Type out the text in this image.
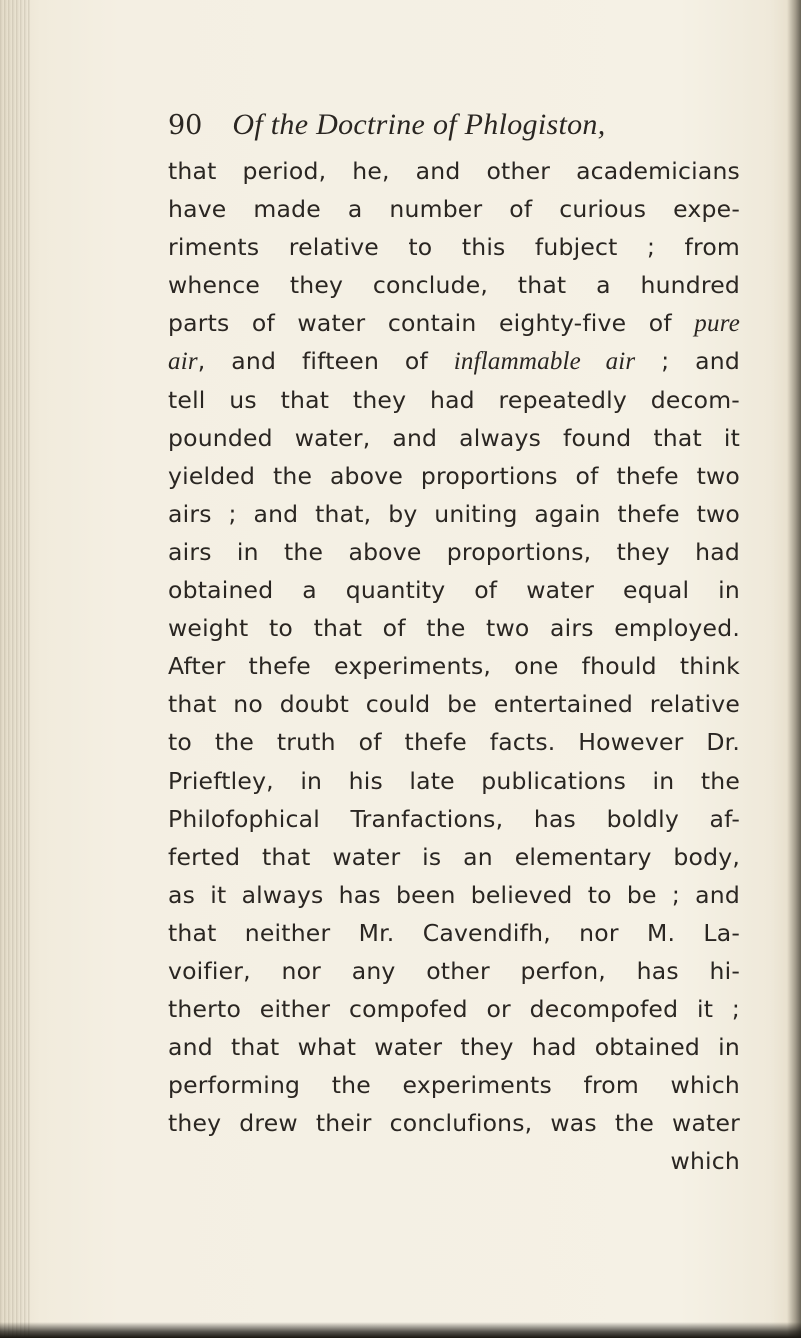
90 Of the Doctrine of Phlogiston,
that period, he, and other academicians
have made a number of curious expe-
riments relative to this fubject ; from
whence they conclude, that a hundred
parts of water contain eighty-five of pure
air, and fifteen of inflammable air ; and
tell us that they had repeatedly decom-
pounded water, and always found that it
yielded the above proportions of thefe two
airs ; and that, by uniting again thefe two
airs in the above proportions, they had
obtained a quantity of water equal in
weight to that of the two airs employed.
After thefe experiments, one fhould think
that no doubt could be entertained relative
to the truth of thefe facts. However Dr.
Prieftley, in his late publications in the
Philofophical Tranfactions, has boldly af-
ferted that water is an elementary body,
as it always has been believed to be ; and
that neither Mr. Cavendifh, nor M. La-
voifier, nor any other perfon, has hi-
therto either compofed or decompofed it ;
and that what water they had obtained in
performing the experiments from which
they drew their conclufions, was the water
which
